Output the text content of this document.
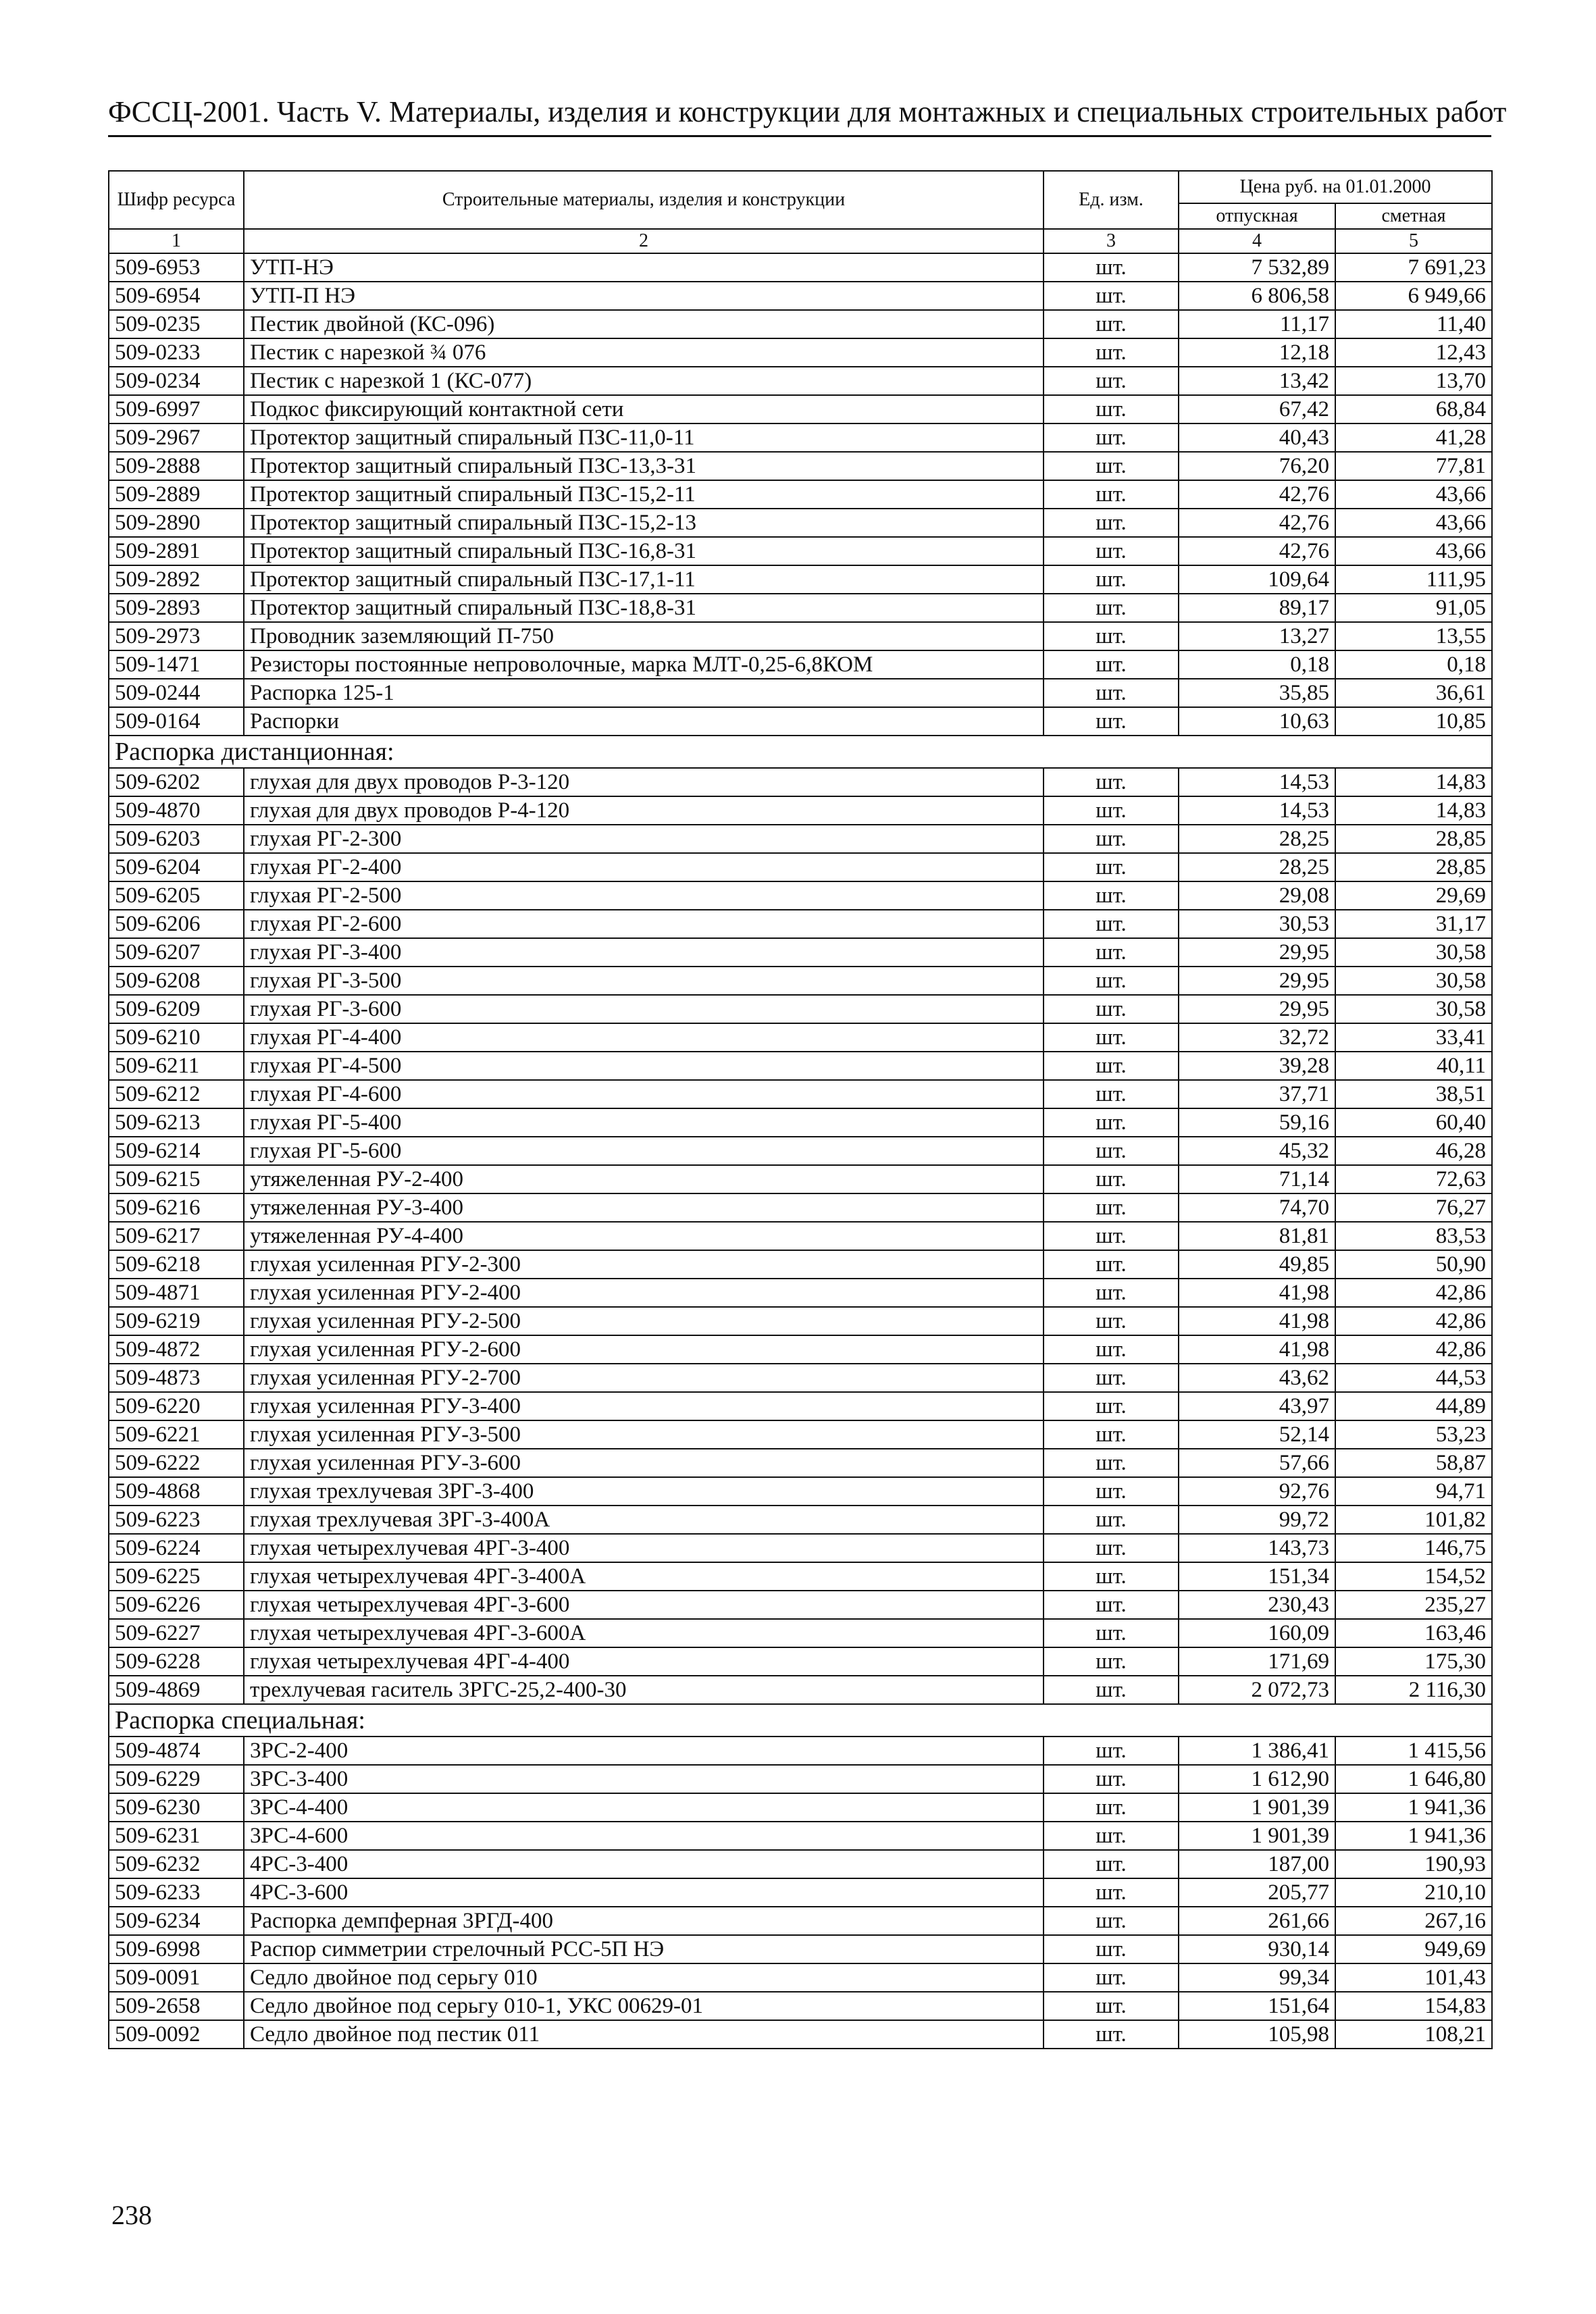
ФССЦ-2001. Часть V. Материалы, изделия и конструкции для монтажных и специальных строительных работ
Шифр ресурса	Строительные материалы, изделия и конструкции	Ед. изм.	Цена руб. на 01.01.2000	
			отпускная	сметная
1	2	3	4	5
509-6953	УТП-НЭ	шт.	7 532,89	7 691,23
509-6954	УТП-П НЭ	шт.	6 806,58	6 949,66
509-0235	Пестик двойной (КС-096)	шт.	11,17	11,40
509-0233	Пестик с нарезкой ¾ 076	шт.	12,18	12,43
509-0234	Пестик с нарезкой 1 (КС-077)	шт.	13,42	13,70
509-6997	Подкос фиксирующий контактной сети	шт.	67,42	68,84
509-2967	Протектор защитный спиральный ПЗС-11,0-11	шт.	40,43	41,28
509-2888	Протектор защитный спиральный ПЗС-13,3-31	шт.	76,20	77,81
509-2889	Протектор защитный спиральный ПЗС-15,2-11	шт.	42,76	43,66
509-2890	Протектор защитный спиральный ПЗС-15,2-13	шт.	42,76	43,66
509-2891	Протектор защитный спиральный ПЗС-16,8-31	шт.	42,76	43,66
509-2892	Протектор защитный спиральный ПЗС-17,1-11	шт.	109,64	111,95
509-2893	Протектор защитный спиральный ПЗС-18,8-31	шт.	89,17	91,05
509-2973	Проводник заземляющий П-750	шт.	13,27	13,55
509-1471	Резисторы постоянные непроволочные, марка МЛТ-0,25-6,8КОМ	шт.	0,18	0,18
509-0244	Распорка 125-1	шт.	35,85	36,61
509-0164	Распорки	шт.	10,63	10,85
Распорка дистанционная:				
509-6202	глухая для двух проводов Р-3-120	шт.	14,53	14,83
509-4870	глухая для двух проводов Р-4-120	шт.	14,53	14,83
509-6203	глухая РГ-2-300	шт.	28,25	28,85
509-6204	глухая РГ-2-400	шт.	28,25	28,85
509-6205	глухая РГ-2-500	шт.	29,08	29,69
509-6206	глухая РГ-2-600	шт.	30,53	31,17
509-6207	глухая РГ-3-400	шт.	29,95	30,58
509-6208	глухая РГ-3-500	шт.	29,95	30,58
509-6209	глухая РГ-3-600	шт.	29,95	30,58
509-6210	глухая РГ-4-400	шт.	32,72	33,41
509-6211	глухая РГ-4-500	шт.	39,28	40,11
509-6212	глухая РГ-4-600	шт.	37,71	38,51
509-6213	глухая РГ-5-400	шт.	59,16	60,40
509-6214	глухая РГ-5-600	шт.	45,32	46,28
509-6215	утяжеленная РУ-2-400	шт.	71,14	72,63
509-6216	утяжеленная РУ-3-400	шт.	74,70	76,27
509-6217	утяжеленная РУ-4-400	шт.	81,81	83,53
509-6218	глухая усиленная РГУ-2-300	шт.	49,85	50,90
509-4871	глухая усиленная РГУ-2-400	шт.	41,98	42,86
509-6219	глухая усиленная РГУ-2-500	шт.	41,98	42,86
509-4872	глухая усиленная РГУ-2-600	шт.	41,98	42,86
509-4873	глухая усиленная РГУ-2-700	шт.	43,62	44,53
509-6220	глухая усиленная РГУ-3-400	шт.	43,97	44,89
509-6221	глухая усиленная РГУ-3-500	шт.	52,14	53,23
509-6222	глухая усиленная РГУ-3-600	шт.	57,66	58,87
509-4868	глухая трехлучевая 3РГ-3-400	шт.	92,76	94,71
509-6223	глухая трехлучевая 3РГ-3-400А	шт.	99,72	101,82
509-6224	глухая четырехлучевая 4РГ-3-400	шт.	143,73	146,75
509-6225	глухая четырехлучевая 4РГ-3-400А	шт.	151,34	154,52
509-6226	глухая четырехлучевая 4РГ-3-600	шт.	230,43	235,27
509-6227	глухая четырехлучевая 4РГ-3-600А	шт.	160,09	163,46
509-6228	глухая четырехлучевая 4РГ-4-400	шт.	171,69	175,30
509-4869	трехлучевая гаситель 3РГС-25,2-400-30	шт.	2 072,73	2 116,30
Распорка специальная:				
509-4874	3РС-2-400	шт.	1 386,41	1 415,56
509-6229	3РС-3-400	шт.	1 612,90	1 646,80
509-6230	3РС-4-400	шт.	1 901,39	1 941,36
509-6231	3РС-4-600	шт.	1 901,39	1 941,36
509-6232	4РС-3-400	шт.	187,00	190,93
509-6233	4РС-3-600	шт.	205,77	210,10
509-6234	Распорка демпферная 3РГД-400	шт.	261,66	267,16
509-6998	Распор симметрии стрелочный РСС-5П НЭ	шт.	930,14	949,69
509-0091	Седло двойное под серьгу 010	шт.	99,34	101,43
509-2658	Седло двойное под серьгу 010-1, УКС 00629-01	шт.	151,64	154,83
509-0092	Седло двойное под пестик 011	шт.	105,98	108,21
238
